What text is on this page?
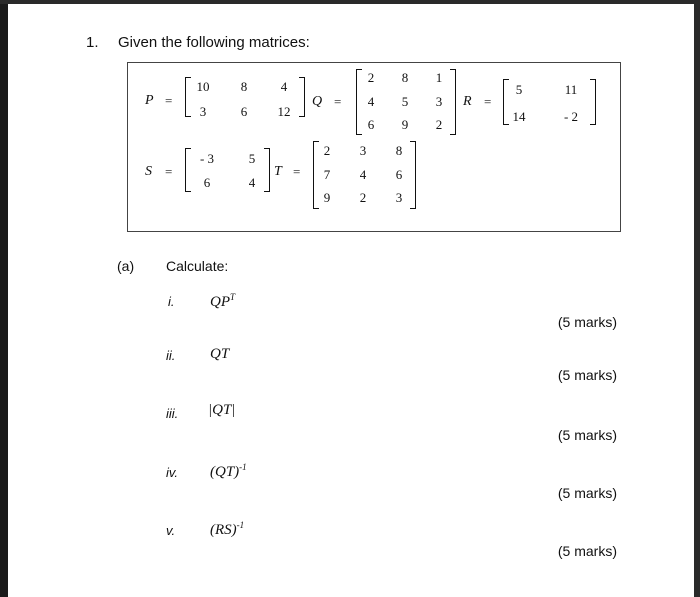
1. Given the following matrices:
P =
10	8	4
3	6	12
Q =
2	8	1
4	5	3
6	9	2
R =
5	11
14	- 2
S =
- 3	5
6	4
T =
2	3	8
7	4	6
9	2	3
(a) Calculate:
i. $QP^T$
(5 marks)
ii. QT
(5 marks)
iii. |QT|
(5 marks)
iv. (QT)$^{-1}$
(5 marks)
v. (RS)$^{-1}$
(5 marks)
